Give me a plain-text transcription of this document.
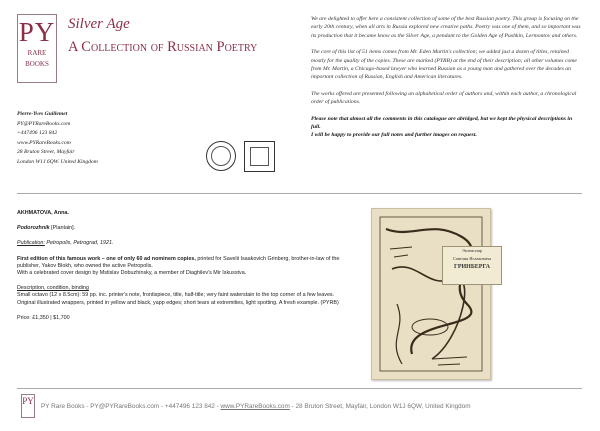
PY
RARE
BOOKS
Silver Age
A Collection of Russian Poetry
Pierre-Yves Guillemet
PY@PYRareBooks.com
+447496 123 842
www.PYRareBooks.com
28 Bruton Street, Mayfair
London W1J 6QW. United Kingdom

We are delighted to offer here a consistent collection of some of the best Russian poetry. This group is focusing on the early 20th century, when all arts in Russia explored new creative paths. Poetry was one of them, and so important was its production that it became know as the Silver Age, a pendant to the Golden Age of Pushkin, Lermontov and others.

The core of this list of 51 items comes from Mr. Eden Martin's collection; we added just a dozen of titles, retained mostly for the quality of the copies. These are marked (PYRB) at the end of their description; all other volumes come from Mr. Martin, a Chicago-based lawyer who learned Russian as a young man and gathered over the decades an important collection of Russian, English and American literatures.

The works offered are presented following an alphabetical order of authors and, within each author, a chronological order of publications.

Please note that almost all the comments in this catalogue are abridged, but we kept the physical descriptions in full.

I will be happy to provide our full notes and further images on request.

AKHMATOVA, Anna.
Podorozhnik [Plantain].
Publication: Petropolis, Petrograd, 1921.
First edition of this famous work – one of only 60 ad nominem copies, printed for Savelii Isaakovich Grinberg, brother-in-law of the publisher, Yakov Blokh, who owned the active Petropolis.
With a celebrated cover design by Mstislav Dobuzhinsky, a member of Diaghilev's Mir Iskusstva.
Description, condition, binding
Small octavo (12 x 8.5cm): 59 pp. inc. printer's note, frontispiece, title, half-title; very faint waterstain to the top corner of a few leaves. Original illustrated wrappers, printed in yellow and black, yapp edges; short tears at extremities, light spotting. A fresh example. (PYRB)
Price: £1,350 | $1,700
Экземпляр
Савелия Исааковича
ГРИНБЕРГА
PY
PY Rare Books - PY@PYRareBooks.com - +447496 123 842 - www.PYRareBooks.com - 28 Bruton Street, Mayfair, London W1J 6QW, United Kingdom
